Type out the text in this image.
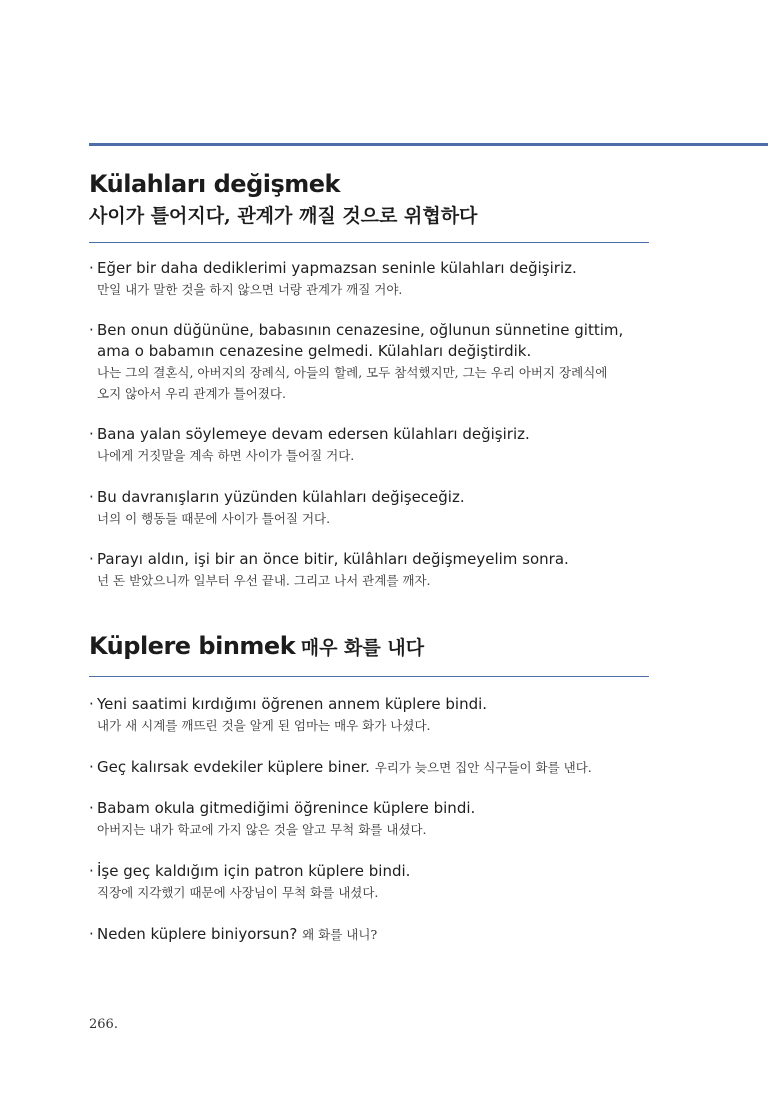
Külahları değişmek
사이가 틀어지다, 관계가 깨질 것으로 위협하다
· Eğer bir daha dediklerimi yapmazsan seninle külahları değişiriz.
만일 내가 말한 것을 하지 않으면 너랑 관계가 깨질 거야.
· Ben onun düğününe, babasının cenazesine, oğlunun sünnetine gittim,
ama o babamın cenazesine gelmedi. Külahları değiştirdik.
나는 그의 결혼식, 아버지의 장례식, 아들의 할례, 모두 참석했지만, 그는 우리 아버지 장례식에
오지 않아서 우리 관계가 틀어졌다.
· Bana yalan söylemeye devam edersen külahları değişiriz.
나에게 거짓말을 계속 하면 사이가 틀어질 거다.
· Bu davranışların yüzünden külahları değişeceğiz.
너의 이 행동들 때문에 사이가 틀어질 거다.
· Parayı aldın, işi bir an önce bitir, külâhları değişmeyelim sonra.
넌 돈 받았으니까 일부터 우선 끝내. 그리고 나서 관계를 깨자.
Küplere binmek 매우 화를 내다
· Yeni saatimi kırdığımı öğrenen annem küplere bindi.
내가 새 시계를 깨뜨린 것을 알게 된 엄마는 매우 화가 나셨다.
· Geç kalırsak evdekiler küplere biner. 우리가 늦으면 집안 식구들이 화를 낸다.
· Babam okula gitmediğimi öğrenince küplere bindi.
아버지는 내가 학교에 가지 않은 것을 알고 무척 화를 내셨다.
· İşe geç kaldığım için patron küplere bindi.
직장에 지각했기 때문에 사장님이 무척 화를 내셨다.
· Neden küplere biniyorsun? 왜 화를 내니?
266.
